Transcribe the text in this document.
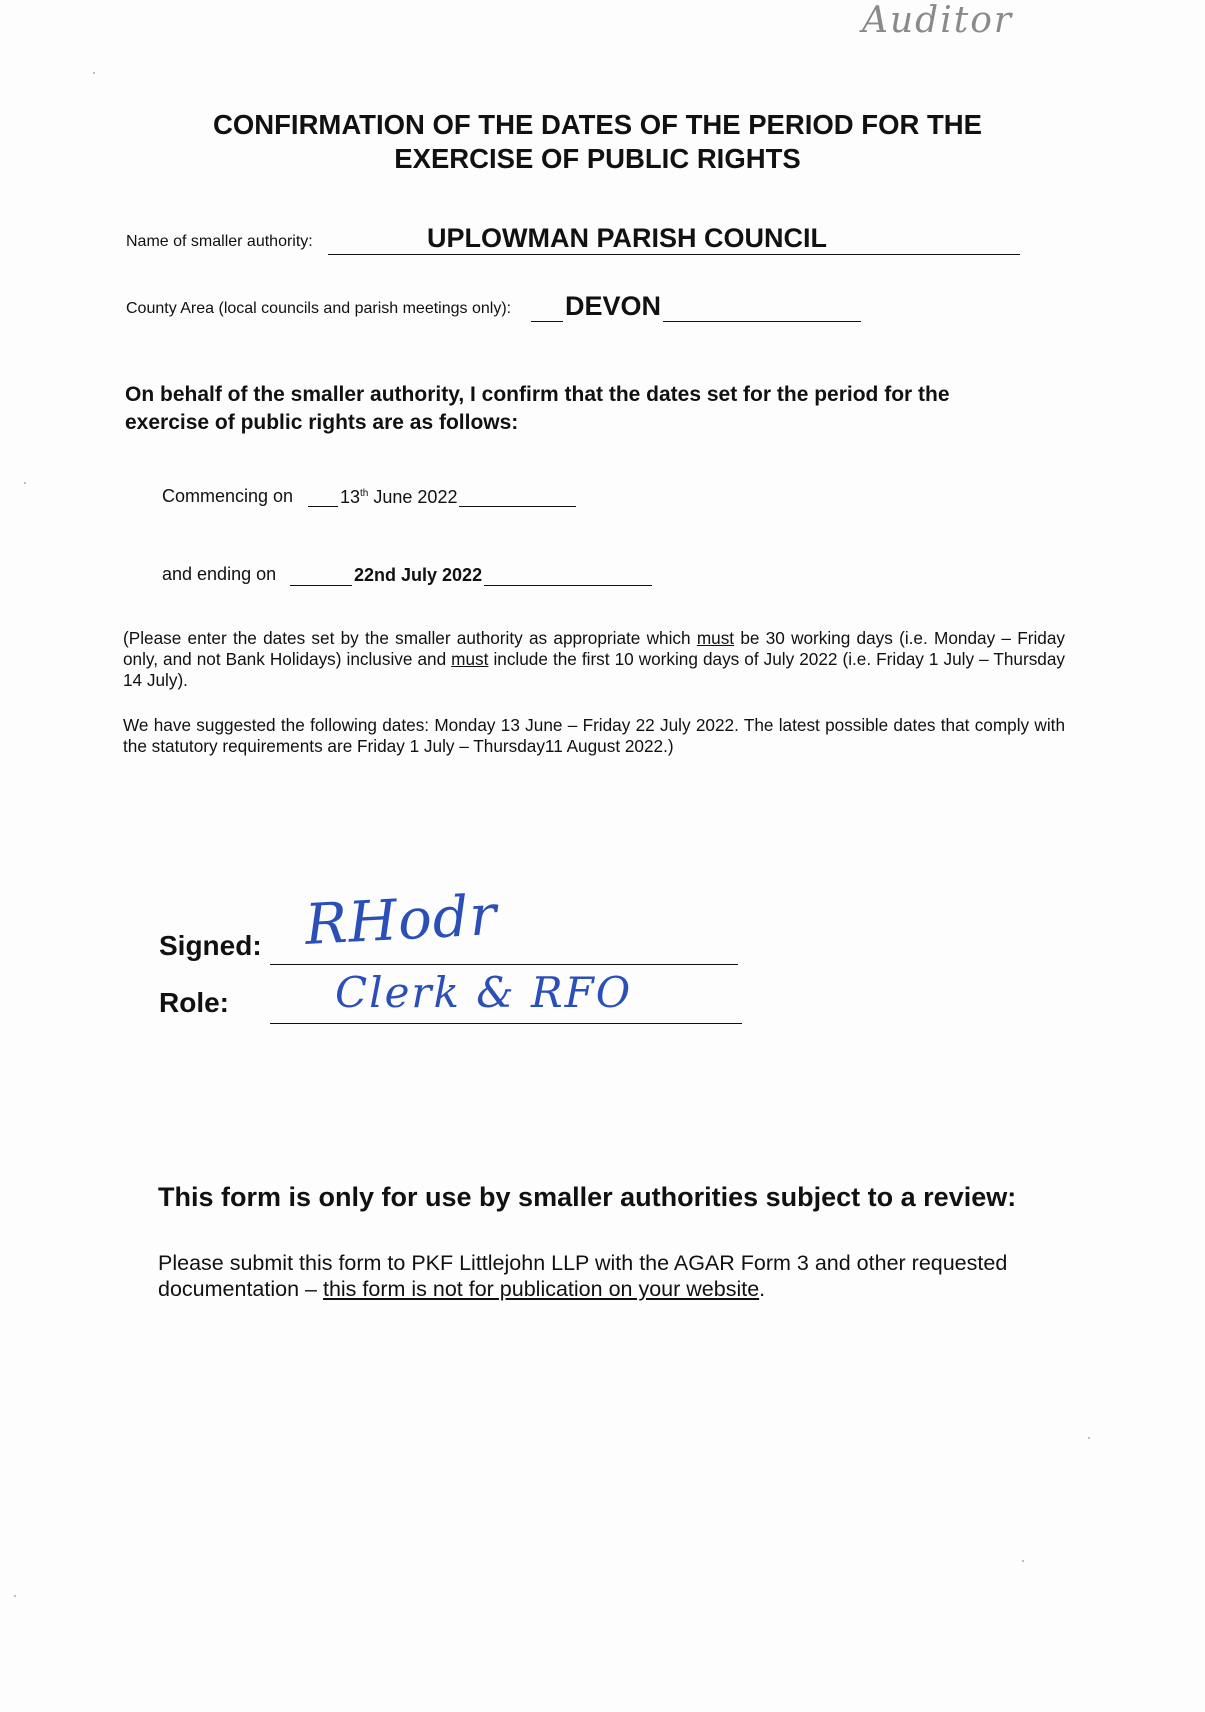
Auditor
CONFIRMATION OF THE DATES OF THE PERIOD FOR THE
EXERCISE OF PUBLIC RIGHTS
Name of smaller authority:	UPLOWMAN PARISH COUNCIL
County Area (local councils and parish meetings only): DEVON
On behalf of the smaller authority, I confirm that the dates set for the period for the
exercise of public rights are as follows:
Commencing on	13th June 2022
and ending on	22nd July 2022
(Please enter the dates set by the smaller authority as appropriate which must be 30 working days (i.e. Monday – Friday only, and not Bank Holidays) inclusive and must include the first 10 working days of July 2022 (i.e. Friday 1 July – Thursday 14 July).
We have suggested the following dates: Monday 13 June – Friday 22 July 2022. The latest possible dates that comply with the statutory requirements are Friday 1 July – Thursday11 August 2022.)
Signed: RHodr
Role:	Clerk & RFO
This form is only for use by smaller authorities subject to a review:
Please submit this form to PKF Littlejohn LLP with the AGAR Form 3 and other requested documentation – this form is not for publication on your website.
